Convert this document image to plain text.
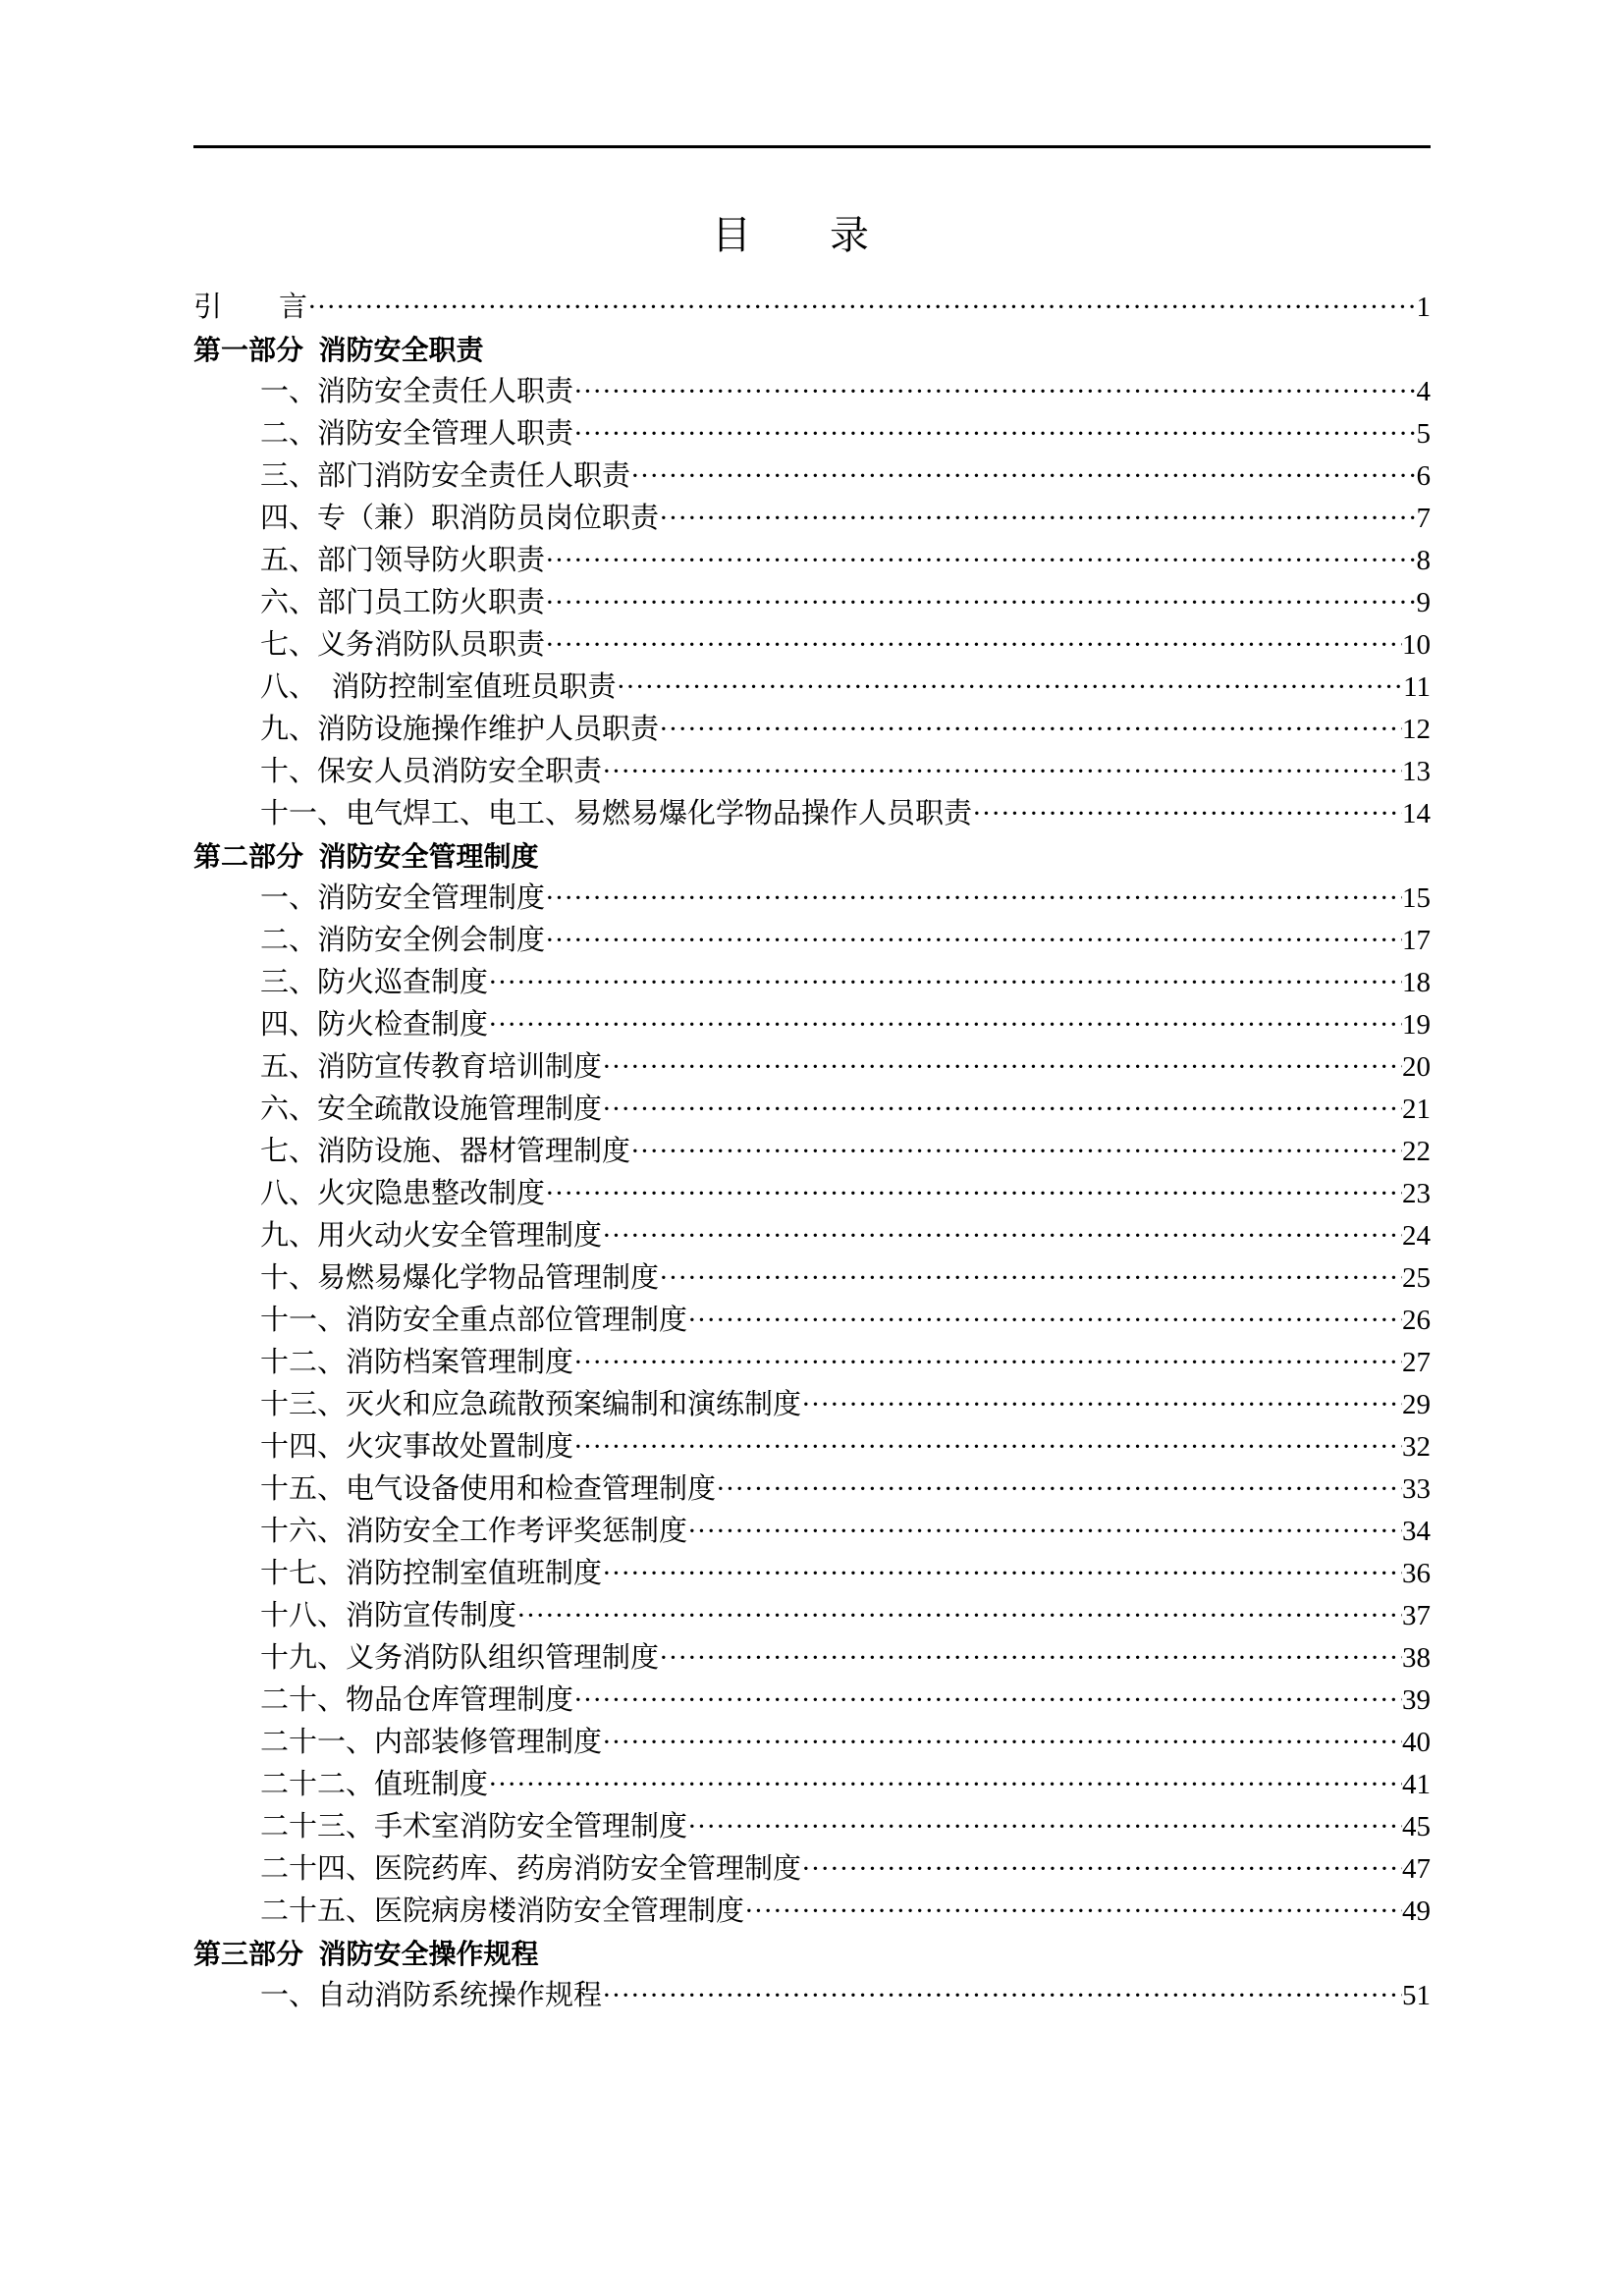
目　　录
引　　言 ·····	1
第一部分  消防安全职责
一、消防安全责任人职责 ·····	4
二、消防安全管理人职责 ·····	5
三、部门消防安全责任人职责 ·····	6
四、专（兼）职消防员岗位职责 ·····	7
五、部门领导防火职责 ·····	8
六、部门员工防火职责 ·····	9
七、义务消防队员职责 ·····	10
八、　消防控制室值班员职责 ·····	11
九、消防设施操作维护人员职责 ·····	12
十、保安人员消防安全职责 ·····	13
十一、电气焊工、电工、易燃易爆化学物品操作人员职责 ·····	14
第二部分  消防安全管理制度
一、消防安全管理制度 ·····	15
二、消防安全例会制度 ·····	17
三、防火巡查制度 ·····	18
四、防火检查制度 ·····	19
五、消防宣传教育培训制度 ·····	20
六、安全疏散设施管理制度 ·····	21
七、消防设施、器材管理制度 ·····	22
八、火灾隐患整改制度 ·····	23
九、用火动火安全管理制度 ·····	24
十、易燃易爆化学物品管理制度 ·····	25
十一、消防安全重点部位管理制度 ·····	26
十二、消防档案管理制度 ·····	27
十三、灭火和应急疏散预案编制和演练制度 ·····	29
十四、火灾事故处置制度 ·····	32
十五、电气设备使用和检查管理制度 ·····	33
十六、消防安全工作考评奖惩制度 ·····	34
十七、消防控制室值班制度 ·····	36
十八、消防宣传制度 ·····	37
十九、义务消防队组织管理制度 ·····	38
二十、物品仓库管理制度 ·····	39
二十一、内部装修管理制度 ·····	40
二十二、值班制度 ·····	41
二十三、手术室消防安全管理制度 ·····	45
二十四、医院药库、药房消防安全管理制度 ·····	47
二十五、医院病房楼消防安全管理制度 ·····	49
第三部分  消防安全操作规程
一、自动消防系统操作规程 ·····	51
